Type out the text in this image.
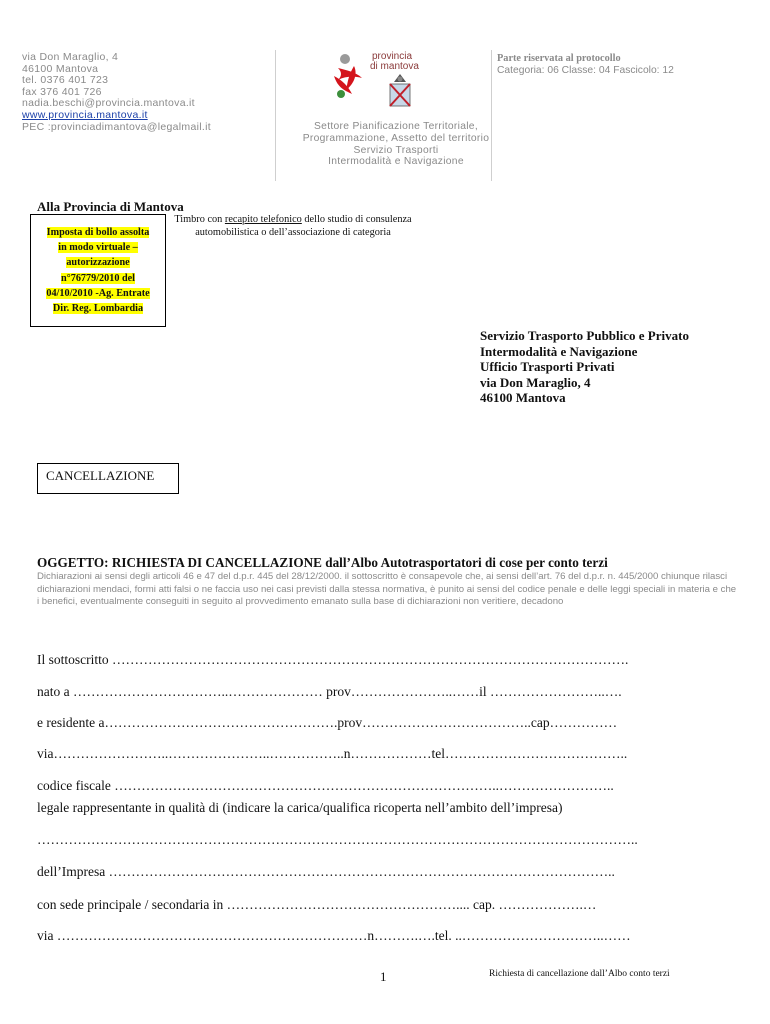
via Don Maraglio, 4
46100 Mantova
tel. 0376 401 723
fax 376 401 726
nadia.beschi@provincia.mantova.it
www.provincia.mantova.it
PEC :provinciadimantova@legalmail.it
provincia
di mantova
Settore Pianificazione Territoriale,
Programmazione, Assetto del territorio
Servizio Trasporti
Intermodalità e Navigazione
Parte riservata al protocollo
Categoria: 06 Classe: 04 Fascicolo: 12
Alla Provincia di Mantova
Imposta di bollo assolta
in modo virtuale –
autorizzazione
n°76779/2010 del
04/10/2010 -Ag. Entrate
Dir. Reg. Lombardia
Timbro con recapito telefonico dello studio di consulenza automobilistica o dell’associazione di categoria
Servizio Trasporto Pubblico e Privato
Intermodalità e Navigazione
Ufficio Trasporti Privati
via Don Maraglio, 4
46100 Mantova
CANCELLAZIONE
OGGETTO: RICHIESTA DI CANCELLAZIONE dall’Albo Autotrasportatori di cose per conto terzi
Dichiarazioni ai sensi degli articoli 46 e 47 del d.p.r. 445 del 28/12/2000. il sottoscritto è consapevole che, ai sensi dell’art. 76 del d.p.r. n. 445/2000 chiunque rilasci dichiarazioni mendaci, formi atti falsi o ne faccia uso nei casi previsti dalla stessa normativa, è punito ai sensi del codice penale e delle leggi speciali in materia e che i benefici, eventualmente conseguiti in seguito al provvedimento emanato sulla base di dichiarazioni non veritiere, decadono
Il sottoscritto …………………………………………………………………………………………………….
nato a ……………………………..………………… prov…………………..……il ……………………..….
e residente a…………………………………………….prov………………………………..cap……………
via……………………..…………………..……………..n………………tel…………………………………..
codice fiscale …………………………………………………………………………..……………………..
legale rappresentante in qualità di (indicare la carica/qualifica ricoperta nell’ambito dell’impresa)
……………………………………………………………………………………………………………………..
dell’Impresa …………………………………………………………………………………………………..
con sede principale / secondaria in …………………………………………….... cap. ……………….…
via ……………………………………………………………n……….….tel. ..…………………………..……
1	Richiesta di cancellazione dall’Albo conto terzi
